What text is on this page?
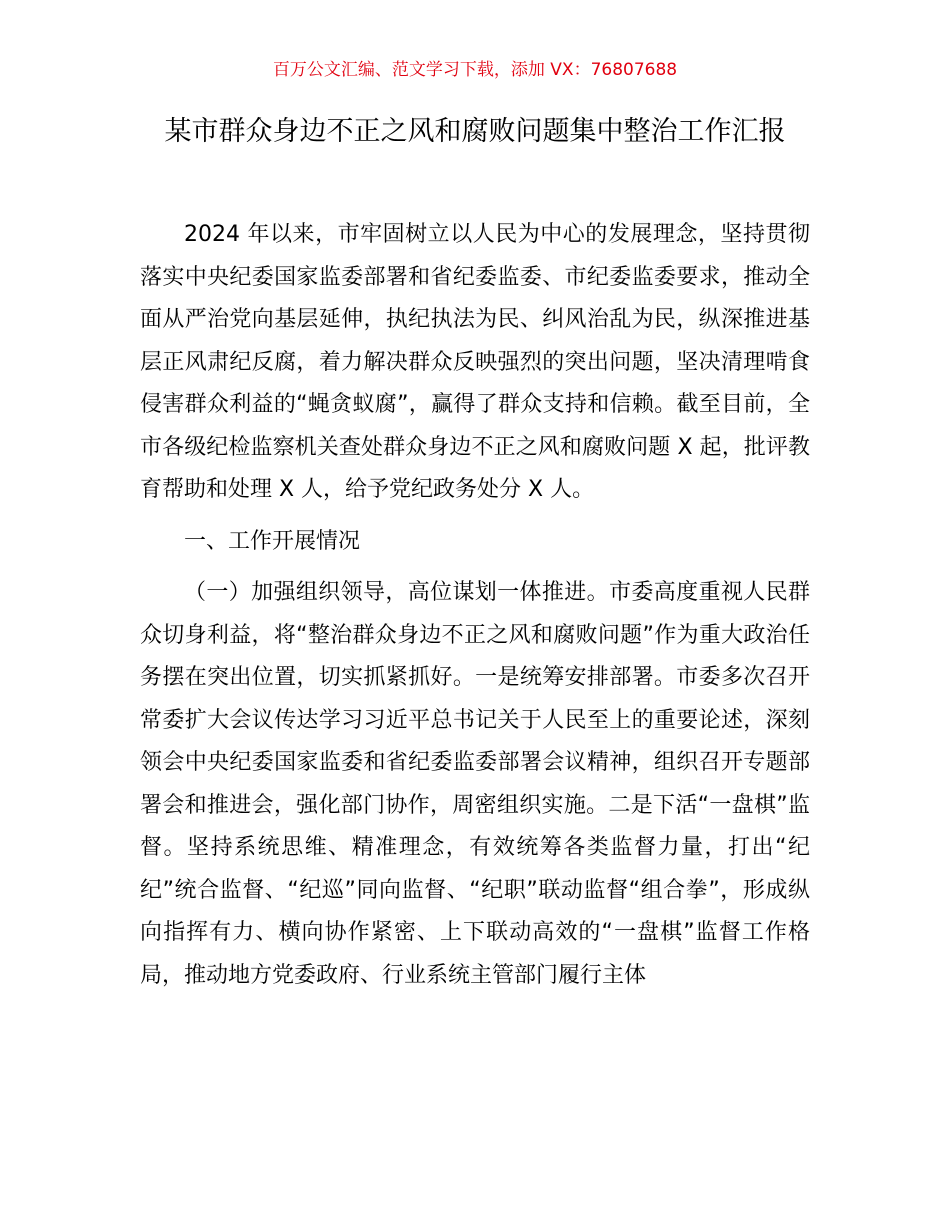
百万公文汇编、范文学习下载，添加 VX：76807688
某市群众身边不正之风和腐败问题集中整治工作汇报

2024 年以来，市牢固树立以人民为中心的发展理念，坚持贯彻落实中央纪委国家监委部署和省纪委监委、市纪委监委要求，推动全面从严治党向基层延伸，执纪执法为民、纠风治乱为民，纵深推进基层正风肃纪反腐，着力解决群众反映强烈的突出问题，坚决清理啃食侵害群众利益的“蝇贪蚁腐”，赢得了群众支持和信赖。截至目前，全市各级纪检监察机关查处群众身边不正之风和腐败问题 X 起，批评教育帮助和处理 X 人，给予党纪政务处分 X 人。

一、工作开展情况

（一）加强组织领导，高位谋划一体推进。市委高度重视人民群众切身利益，将“整治群众身边不正之风和腐败问题”作为重大政治任务摆在突出位置，切实抓紧抓好。一是统筹安排部署。市委多次召开常委扩大会议传达学习习近平总书记关于人民至上的重要论述，深刻领会中央纪委国家监委和省纪委监委部署会议精神，组织召开专题部署会和推进会，强化部门协作，周密组织实施。二是下活“一盘棋”监督。坚持系统思维、精准理念，有效统筹各类监督力量，打出“纪纪”统合监督、“纪巡”同向监督、“纪职”联动监督“组合拳”，形成纵向指挥有力、横向协作紧密、上下联动高效的“一盘棋”监督工作格局，推动地方党委政府、行业系统主管部门履行主体
